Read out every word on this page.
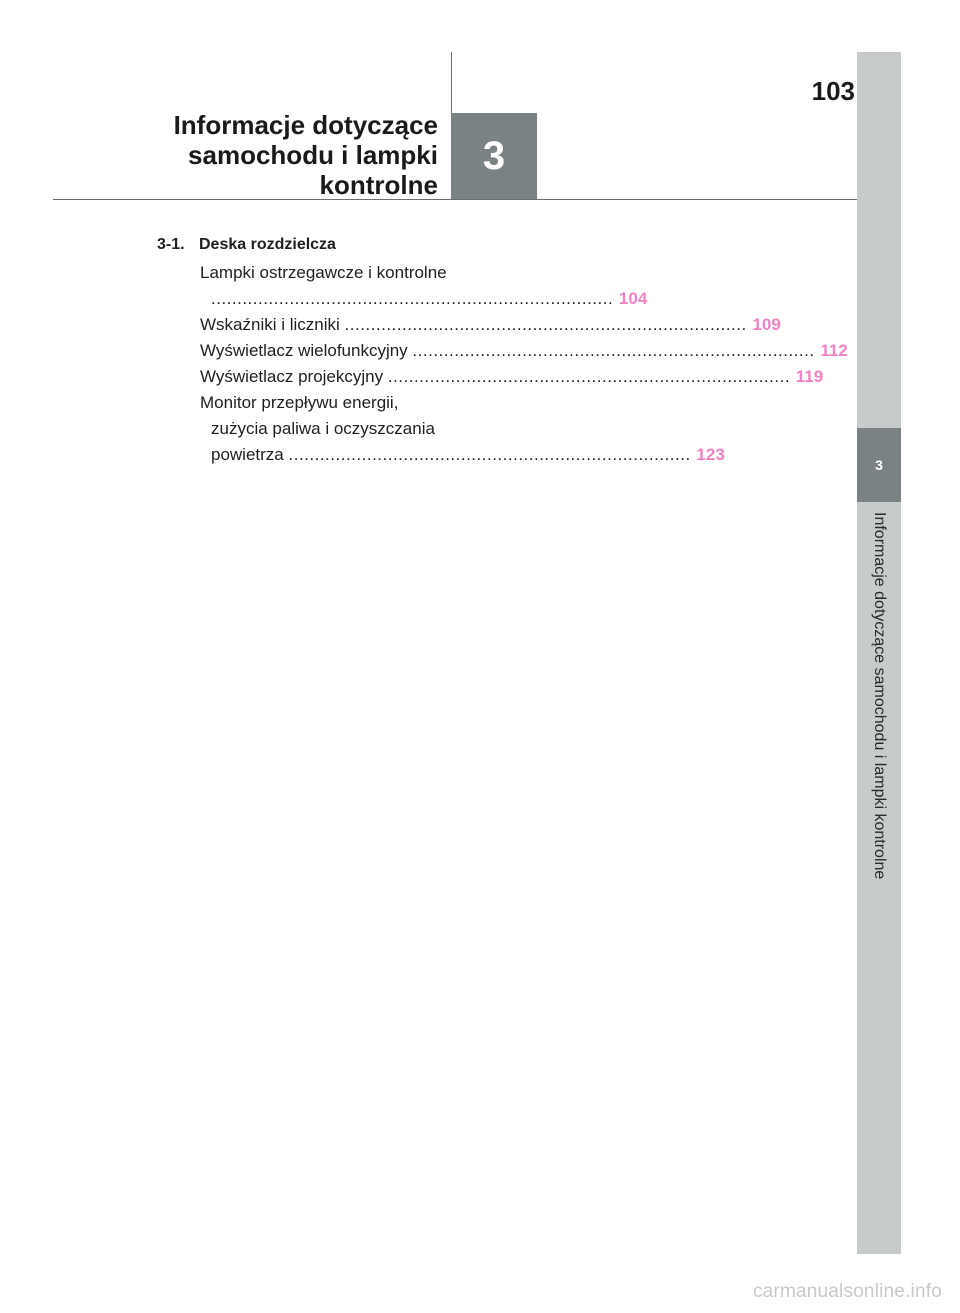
Informacje dotyczące
samochodu i lampki
kontrolne
3
103
3
Informacje dotyczące samochodu i lampki kontrolne
3-1. Deska rozdzielcza
Lampki ostrzegawcze i kontrolne
............................................................................. 104
Wskaźniki i liczniki ............................................................................. 109
Wyświetlacz wielofunkcyjny ............................................................................. 112
Wyświetlacz projekcyjny ............................................................................. 119
Monitor przepływu energii,
zużycia paliwa i oczyszczania
powietrza ............................................................................. 123
carmanualsonline.info
